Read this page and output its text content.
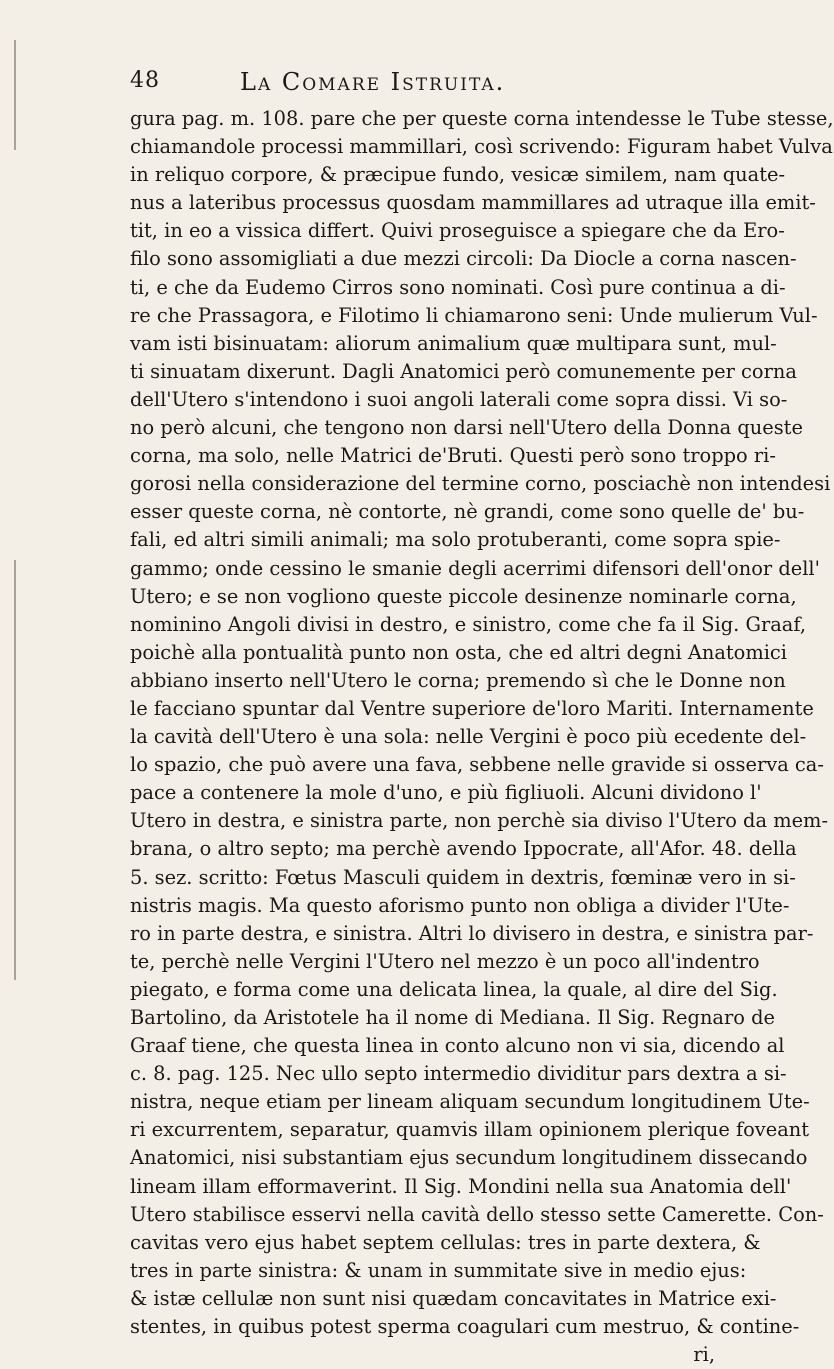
48	La Comare Istruita.
gura pag. m. 108. pare che per queste corna intendesse le Tube stesse,
chiamandole processi mammillari, così scrivendo: Figuram habet Vulva
in reliquo corpore, & præcipue fundo, vesicæ similem, nam quate-
nus a lateribus processus quosdam mammillares ad utraque illa emit-
tit, in eo a vissica differt. Quivi proseguisce a spiegare che da Ero-
filo sono assomigliati a due mezzi circoli: Da Diocle a corna nascen-
ti, e che da Eudemo Cirros sono nominati. Così pure continua a di-
re che Prassagora, e Filotimo li chiamarono seni: Unde mulierum Vul-
vam isti bisinuatam: aliorum animalium quæ multipara sunt, mul-
ti sinuatam dixerunt. Dagli Anatomici però comunemente per corna
dell'Utero s'intendono i suoi angoli laterali come sopra dissi. Vi so-
no però alcuni, che tengono non darsi nell'Utero della Donna queste
corna, ma solo, nelle Matrici de'Bruti. Questi però sono troppo ri-
gorosi nella considerazione del termine corno, posciachè non intendesi
esser queste corna, nè contorte, nè grandi, come sono quelle de' bu-
fali, ed altri simili animali; ma solo protuberanti, come sopra spie-
gammo; onde cessino le smanie degli acerrimi difensori dell'onor dell'
Utero; e se non vogliono queste piccole desinenze nominarle corna,
nominino Angoli divisi in destro, e sinistro, come che fa il Sig. Graaf,
poichè alla pontualità punto non osta, che ed altri degni Anatomici
abbiano inserto nell'Utero le corna; premendo sì che le Donne non
le facciano spuntar dal Ventre superiore de'loro Mariti. Internamente
la cavità dell'Utero è una sola: nelle Vergini è poco più ecedente del-
lo spazio, che può avere una fava, sebbene nelle gravide si osserva ca-
pace a contenere la mole d'uno, e più figliuoli. Alcuni dividono l'
Utero in destra, e sinistra parte, non perchè sia diviso l'Utero da mem-
brana, o altro septo; ma perchè avendo Ippocrate, all'Afor. 48. della
5. sez. scritto: Fœtus Masculi quidem in dextris, fœminæ vero in si-
nistris magis. Ma questo aforismo punto non obliga a divider l'Ute-
ro in parte destra, e sinistra. Altri lo divisero in destra, e sinistra par-
te, perchè nelle Vergini l'Utero nel mezzo è un poco all'indentro
piegato, e forma come una delicata linea, la quale, al dire del Sig.
Bartolino, da Aristotele ha il nome di Mediana. Il Sig. Regnaro de
Graaf tiene, che questa linea in conto alcuno non vi sia, dicendo al
c. 8. pag. 125. Nec ullo septo intermedio dividitur pars dextra a si-
nistra, neque etiam per lineam aliquam secundum longitudinem Ute-
ri excurrentem, separatur, quamvis illam opinionem plerique foveant
Anatomici, nisi substantiam ejus secundum longitudinem dissecando
lineam illam efformaverint. Il Sig. Mondini nella sua Anatomia dell'
Utero stabilisce esservi nella cavità dello stesso sette Camerette. Con-
cavitas vero ejus habet septem cellulas: tres in parte dextera, &
tres in parte sinistra: & unam in summitate sive in medio ejus:
& istæ cellulæ non sunt nisi quædam concavitates in Matrice exi-
stentes, in quibus potest sperma coagulari cum mestruo, & contine-
ri,
